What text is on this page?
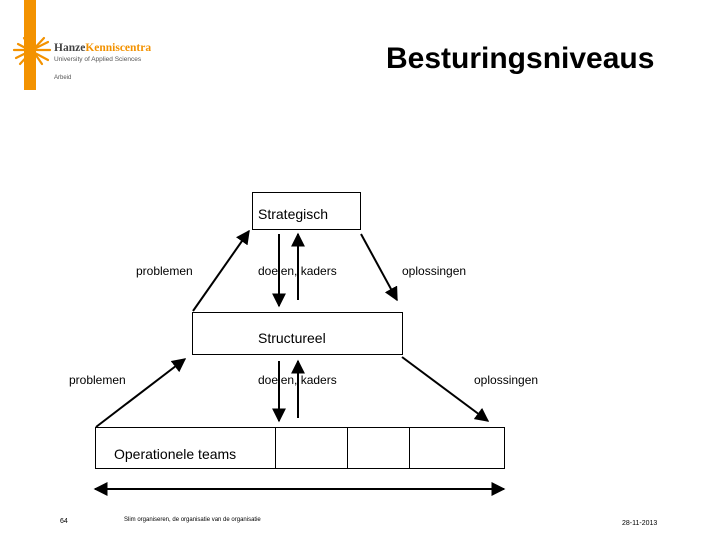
HanzeKenniscentra
University of Applied Sciences
Arbeid
Besturingsniveaus
Strategisch
Structureel
Operationele teams
problemen	doelen, kaders	oplossingen
problemen	doelen, kaders	oplossingen
64	Slim organiseren, de organisatie van de organisatie	28-11-2013
